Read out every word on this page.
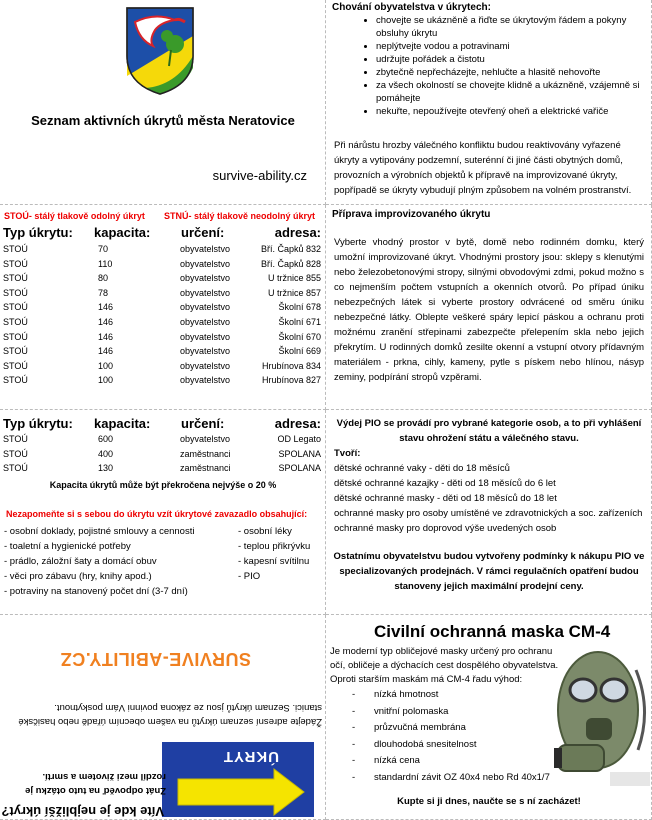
Seznam aktivních úkrytů města Neratovice
survive-ability.cz
Chování obyvatelstva v úkrytech:
• chovejte se ukázněně a řiďte se úkrytovým řádem a pokyny obsluhy úkrytu
• neplýtvejte vodou a potravinami
• udržujte pořádek a čistotu
• zbytečně nepřecházejte, nehlučte a hlasitě nehovořte
• za všech okolností se chovejte klidně a ukázněně, vzájemně si pomáhejte
• nekuřte, nepoužívejte otevřený oheň a elektrické vařiče
Při nárůstu hrozby válečného konfliktu budou reaktivovány vyřazené úkryty a vytipovány podzemní, suterénní či jiné části obytných domů, provozních a výrobních objektů k přípravě na improvizované úkryty, popřípadě se úkryty vybudují plným způsobem na volném prostranství.
STOÚ- stálý tlakově odolný úkryt STNÚ- stálý tlakově neodolný úkryt
Typ úkrytu: kapacita: určení:	adresa:
STOÚ	70	obyvatelstvo	Bří. Čapků 832
STOÚ	110	obyvatelstvo	Bří. Čapků 828
STOÚ	80	obyvatelstvo	U tržnice 855
STOÚ	78	obyvatelstvo	U tržnice 857
STOÚ	146	obyvatelstvo	Školní 678
STOÚ	146	obyvatelstvo	Školní 671
STOÚ	146	obyvatelstvo	Školní 670
STOÚ	146	obyvatelstvo	Školní 669
STOÚ	100	obyvatelstvo	Hrubínova 834
STOÚ	100	obyvatelstvo	Hrubínova 827
Příprava improvizovaného úkrytu
Vyberte vhodný prostor v bytě, domě nebo rodinném domku, který umožní improvizované úkryt. Vhodnými prostory jsou: sklepy s klenutými nebo železobetonovými stropy, silnými obvodovými zdmi, pokud možno s co nejmenším počtem vstupních a okenních otvorů. Po případ úniku nebezpečných látek si vyberte prostory odvrácené od směru úniku nebezpečné látky. Oblepte veškeré spáry lepicí páskou a ochranu proti možnému zranění střepinami zabezpečte přelepením skla nebo jejich překrytím. U rodinných domků zesilte okenní a vstupní otvory přídavným materiálem - prkna, cihly, kameny, pytle s pískem nebo hlínou, násyp zeminy, podpírání stropů vzpěrami.
Typ úkrytu: kapacita: určení:	adresa:
STOÚ	600	obyvatelstvo	OD Legato
STOÚ	400	zaměstnanci	SPOLANA
STOÚ	130	zaměstnanci	SPOLANA
Kapacita úkrytů může být překročena nejvýše o 20 %
Nezapomeňte si s sebou do úkrytu vzít úkrytové zavazadlo obsahující:
- osobní doklady, pojistné smlouvy a cennosti
- toaletní a hygienické potřeby
- prádlo, záložní šaty a domácí obuv
- věci pro zábavu (hry, knihy apod.)
- potraviny na stanovený počet dní (3-7 dní)
- osobní léky
- teplou přikrývku
- kapesní svítilnu
- PIO
Výdej PIO se provádí pro vybrané kategorie osob, a to při vyhlášení stavu ohrožení státu a válečného stavu.
Tvoří:
dětské ochranné vaky - děti do 18 měsíců
dětské ochranné kazajky - děti od 18 měsíců do 6 let
dětské ochranné masky - děti od 18 měsíců do 18 let
ochranné masky pro osoby umístěné ve zdravotnických a soc. zařízeních
ochranné masky pro doprovod výše uvedených osob
Ostatnímu obyvatelstvu budou vytvořeny podmínky k nákupu PIO ve specializovaných prodejnách. V rámci regulačních opatření budou stanoveny jejich maximální prodejní ceny.
ÚKRYT
Víte kde je nejbližší úkryt?
Znát odpověď na tuto otázku je
rozdíl mezi životem a smrtí.
Žádejte adresní seznam úkrytů na vašem obecním úřadě nebo hasičské stanici. Seznam úkrytů jsou ze zákona povinni Vám poskytnout.
SURVIVE-ABILITY.CZ
Civilní ochranná maska CM-4
Je moderní typ obličejové masky určený pro ochranu očí, obličeje a dýchacích cest dospělého obyvatelstva. Oproti starším maskám má CM-4 řadu výhod:
- nízká hmotnost
- vnitřní polomaska
- průzvučná membrána
- dlouhodobá snesitelnost
- nízká cena
- standardní závit OZ 40x4 nebo Rd 40x1/7
Kupte si ji dnes, naučte se s ní zacházet!
